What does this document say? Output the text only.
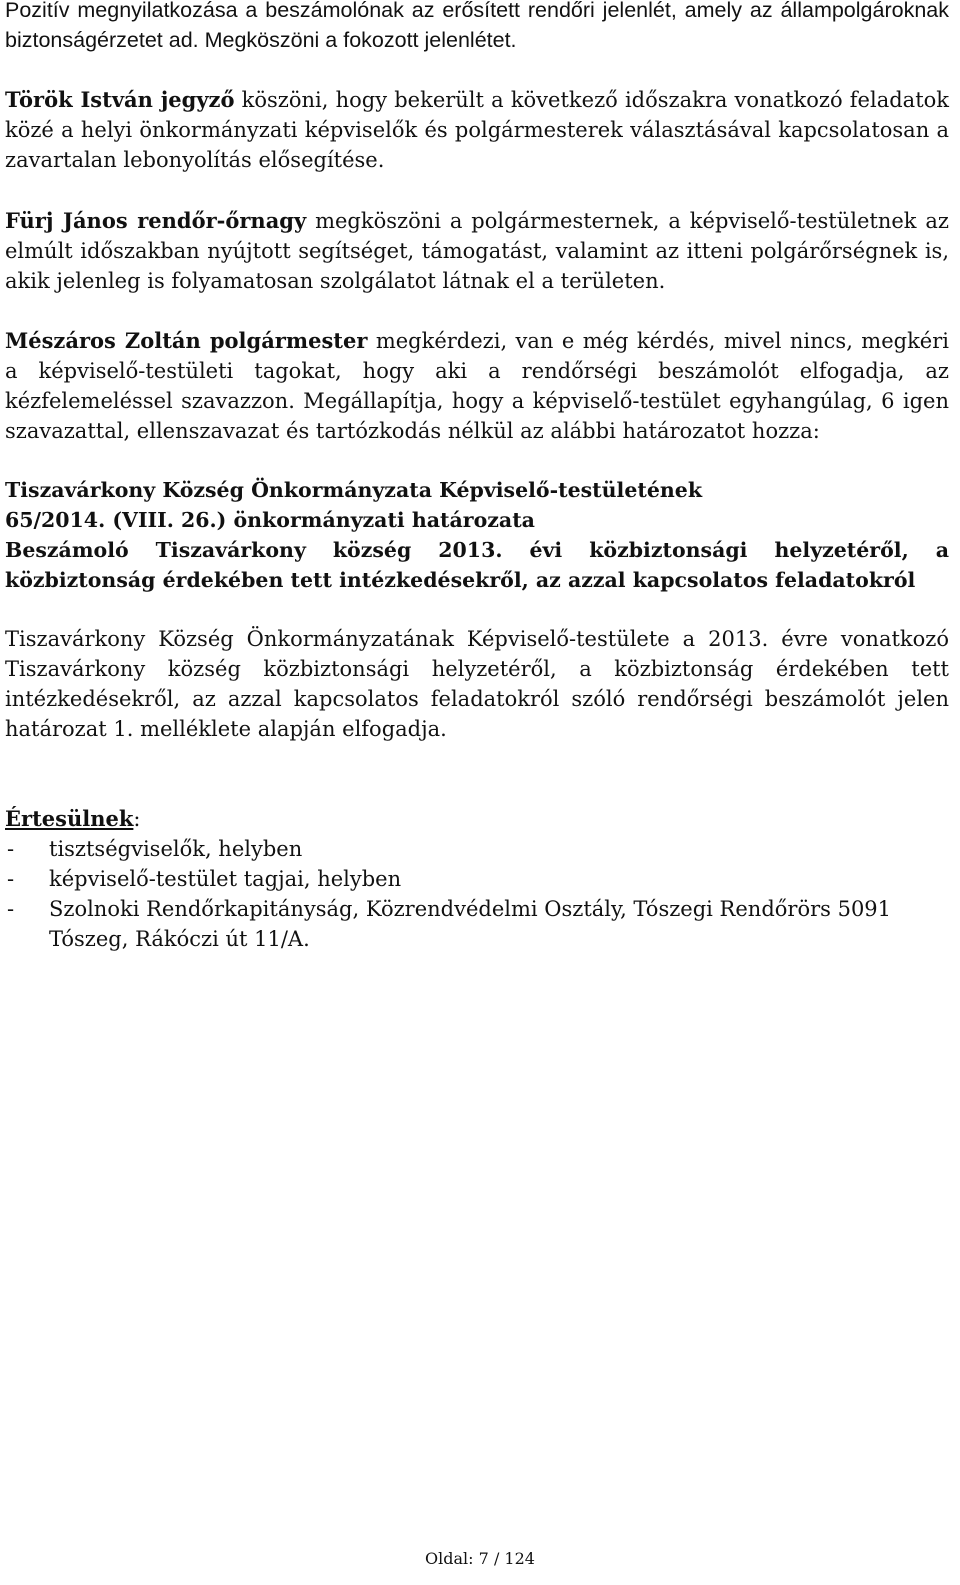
Pozitív megnyilatkozása a beszámolónak az erősített rendőri jelenlét, amely az állampolgároknak biztonságérzetet ad. Megköszöni a fokozott jelenlétet.

Török István jegyző köszöni, hogy bekerült a következő időszakra vonatkozó feladatok közé a helyi önkormányzati képviselők és polgármesterek választásával kapcsolatosan a zavartalan lebonyolítás elősegítése.

Fürj János rendőr-őrnagy megköszöni a polgármesternek, a képviselő-testületnek az elmúlt időszakban nyújtott segítséget, támogatást, valamint az itteni polgárőrségnek is, akik jelenleg is folyamatosan szolgálatot látnak el a területen.

Mészáros Zoltán polgármester megkérdezi, van e még kérdés, mivel nincs, megkéri a képviselő-testületi tagokat, hogy aki a rendőrségi beszámolót elfogadja, az kézfelemeléssel szavazzon. Megállapítja, hogy a képviselő-testület egyhangúlag, 6 igen szavazattal, ellenszavazat és tartózkodás nélkül az alábbi határozatot hozza:

Tiszavárkony Község Önkormányzata Képviselő-testületének

65/2014. (VIII. 26.) önkormányzati határozata

Beszámoló Tiszavárkony község 2013. évi közbiztonsági helyzetéről, a közbiztonság érdekében tett intézkedésekről, az azzal kapcsolatos feladatokról

Tiszavárkony Község Önkormányzatának Képviselő-testülete a 2013. évre vonatkozó Tiszavárkony község közbiztonsági helyzetéről, a közbiztonság érdekében tett intézkedésekről, az azzal kapcsolatos feladatokról szóló rendőrségi beszámolót jelen határozat 1. melléklete alapján elfogadja.

Értesülnek:

- tisztségviselők, helyben
- képviselő-testület tagjai, helyben
- Szolnoki Rendőrkapitányság, Közrendvédelmi Osztály, Tószegi Rendőrörs 5091 Tószeg, Rákóczi út 11/A.
Oldal: 7 / 124
